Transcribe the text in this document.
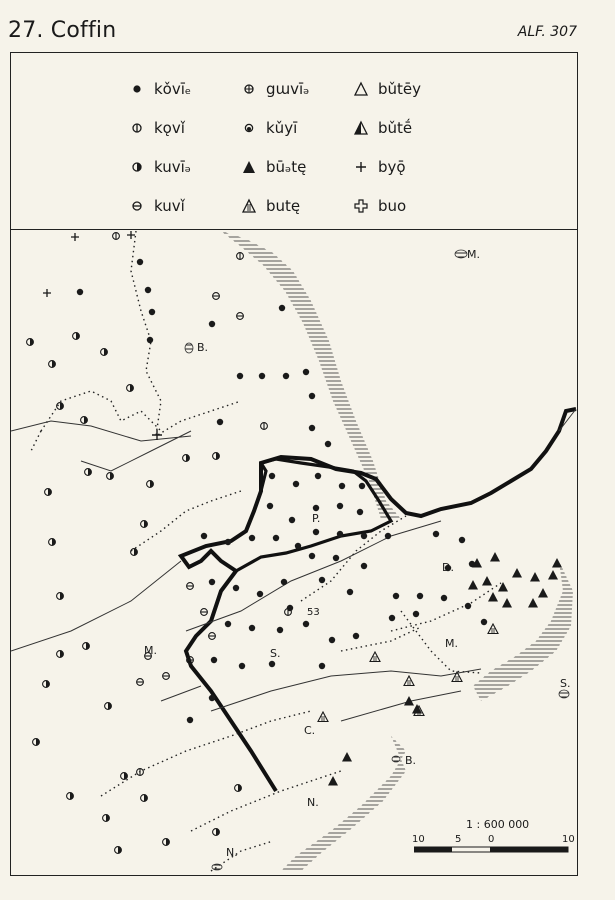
27. Coffin	ALF. 307
kǒvīₑ	gɯvīₔ	bǔtēy
kǫvǐ	kǔyī	bǔtḗ
kuvīₔ	būₔtę	byǭ
kuvǐ	butę	buo
B.
M.
P.
D.
53
S.
M.
M.
S.
C.
B.
N.
N.
1 : 600 000
10	5	0	10
